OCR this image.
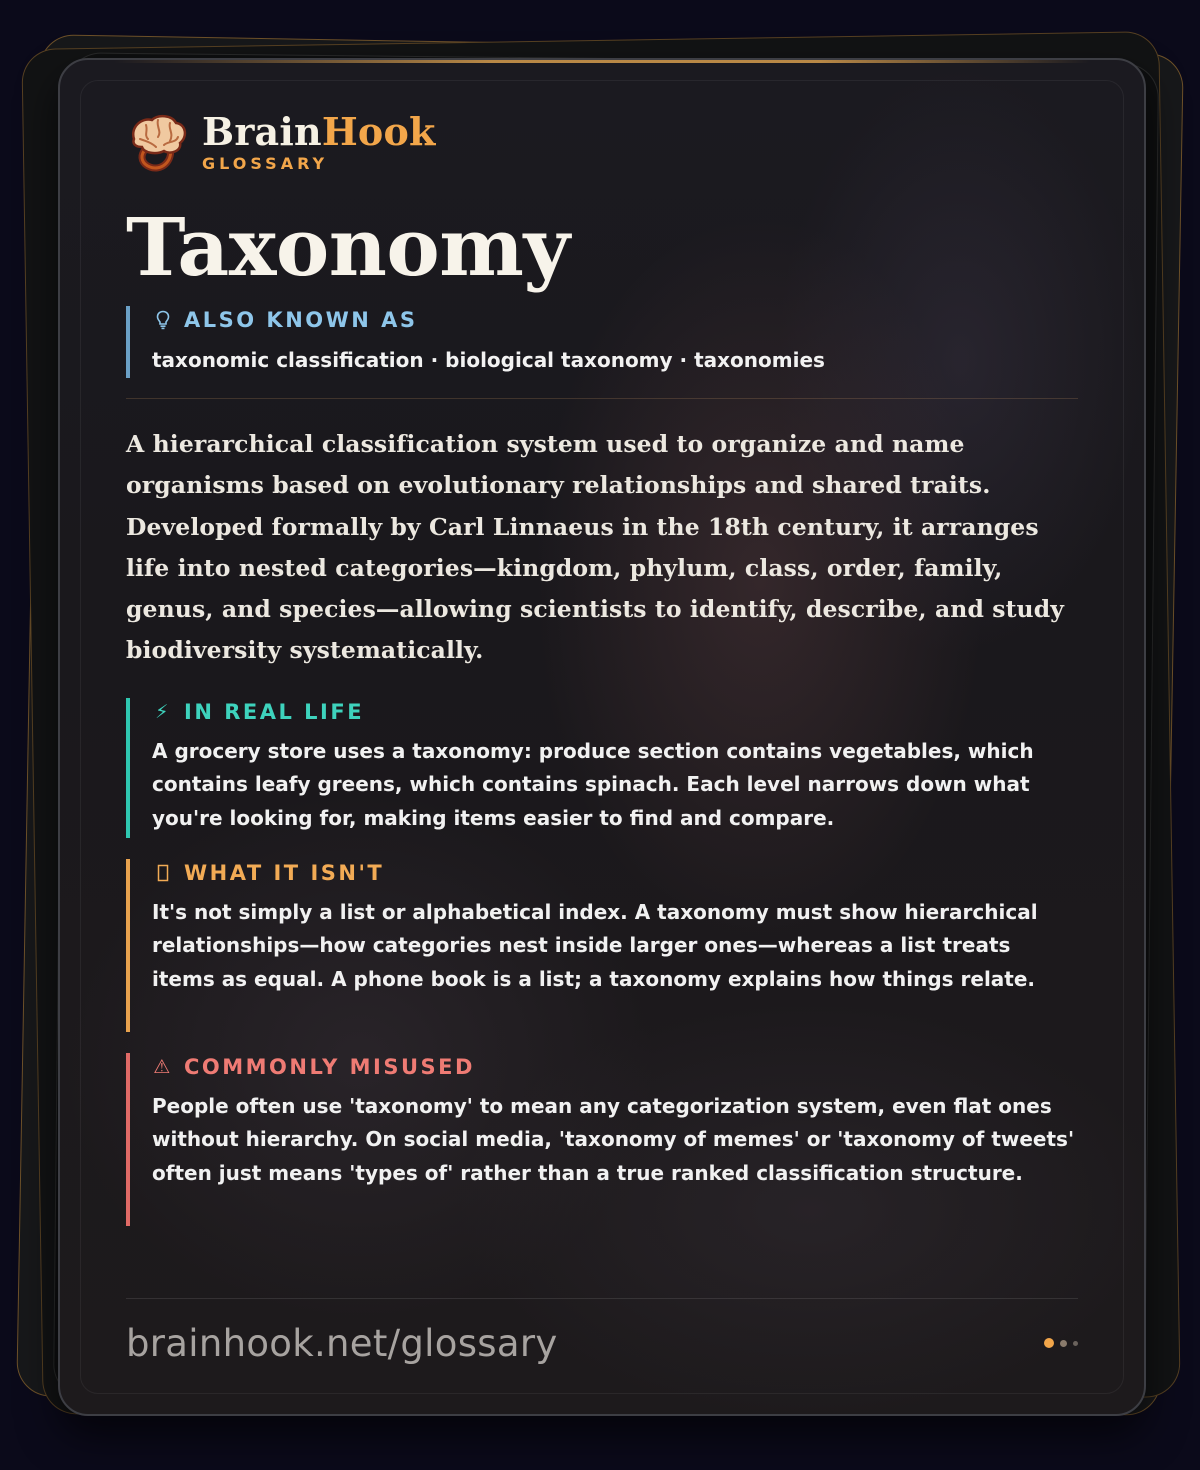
BrainHook
GLOSSARY
Taxonomy
ALSO KNOWN AS
taxonomic classification · biological taxonomy · taxonomies
A hierarchical classification system used to organize and name organisms based on evolutionary relationships and shared traits. Developed formally by Carl Linnaeus in the 18th century, it arranges life into nested categories—kingdom, phylum, class, order, family, genus, and species—allowing scientists to identify, describe, and study biodiversity systematically.
⚡ IN REAL LIFE
A grocery store uses a taxonomy: produce section contains vegetables, which contains leafy greens, which contains spinach. Each level narrows down what you're looking for, making items easier to find and compare.
WHAT IT ISN'T
It's not simply a list or alphabetical index. A taxonomy must show hierarchical relationships—how categories nest inside larger ones—whereas a list treats items as equal. A phone book is a list; a taxonomy explains how things relate.
⚠ COMMONLY MISUSED
People often use 'taxonomy' to mean any categorization system, even flat ones without hierarchy. On social media, 'taxonomy of memes' or 'taxonomy of tweets' often just means 'types of' rather than a true ranked classification structure.
brainhook.net/glossary
